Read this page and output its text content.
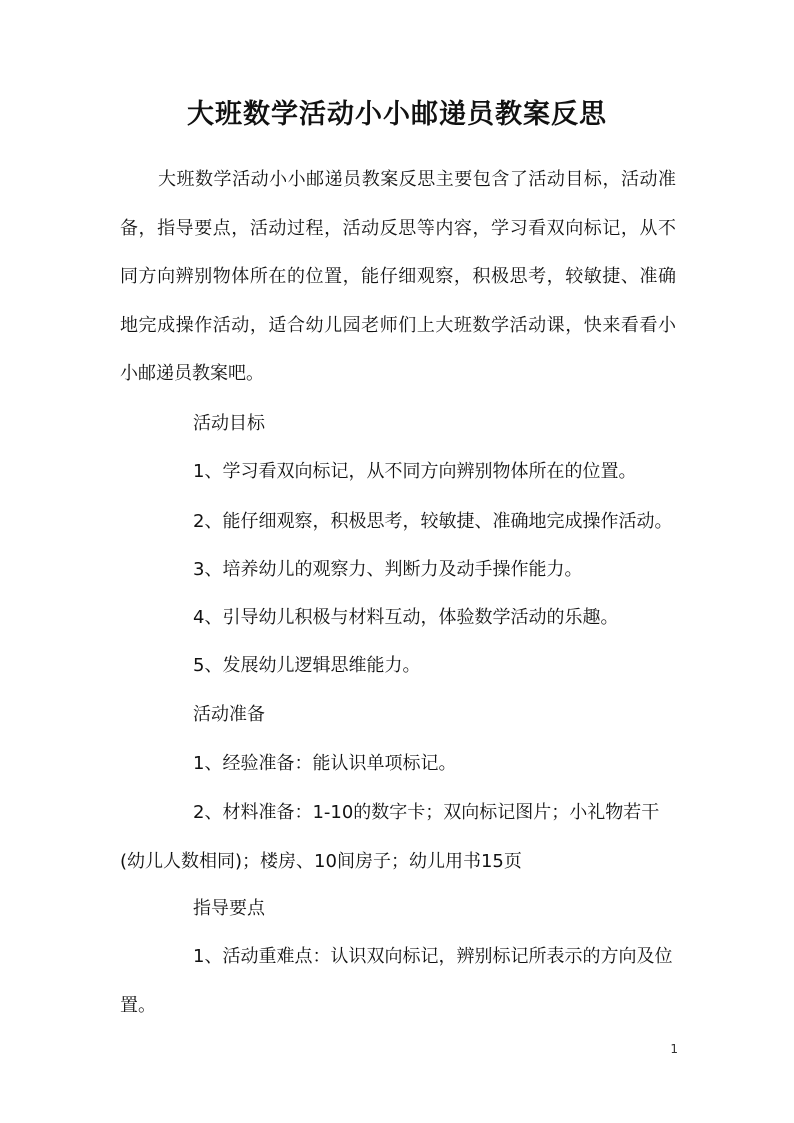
大班数学活动小小邮递员教案反思

大班数学活动小小邮递员教案反思主要包含了活动目标，活动准备，指导要点，活动过程，活动反思等内容，学习看双向标记，从不同方向辨别物体所在的位置，能仔细观察，积极思考，较敏捷、准确地完成操作活动，适合幼儿园老师们上大班数学活动课，快来看看小小邮递员教案吧。

活动目标

1、学习看双向标记，从不同方向辨别物体所在的位置。

2、能仔细观察，积极思考，较敏捷、准确地完成操作活动。

3、培养幼儿的观察力、判断力及动手操作能力。

4、引导幼儿积极与材料互动，体验数学活动的乐趣。

5、发展幼儿逻辑思维能力。

活动准备

1、经验准备：能认识单项标记。

2、材料准备：1-10的数字卡；双向标记图片；小礼物若干(幼儿人数相同)；楼房、10间房子；幼儿用书15页

指导要点

1、活动重难点：认识双向标记，辨别标记所表示的方向及位置。

1
